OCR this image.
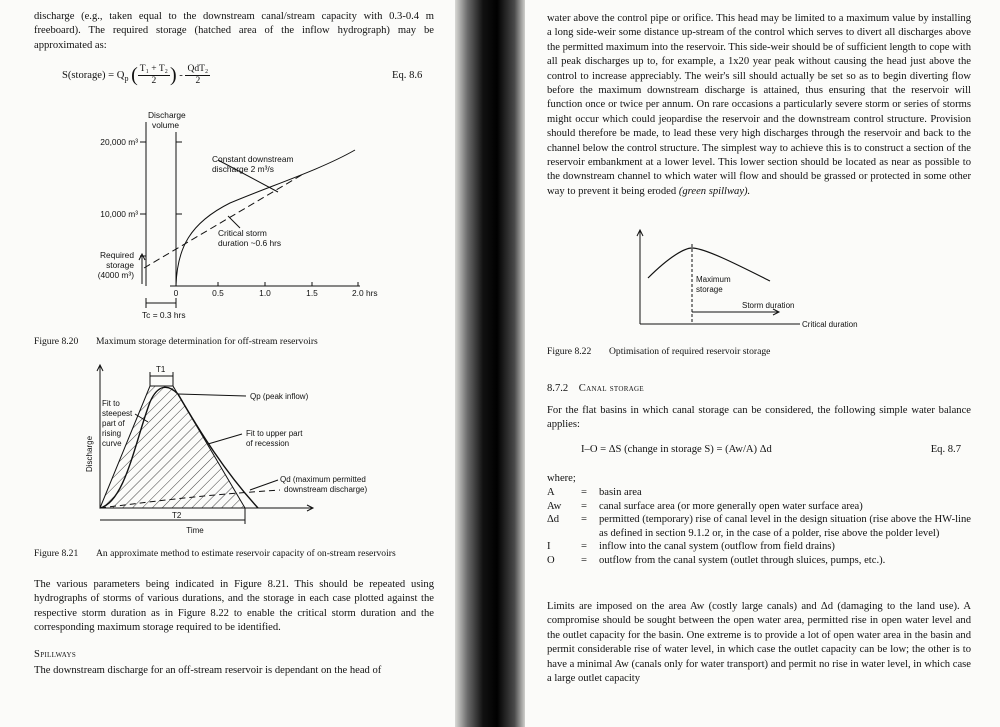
discharge (e.g., taken equal to the downstream canal/stream capacity with 0.3-0.4 m freeboard). The required storage (hatched area of the inflow hydrograph) may be approximated as:

S(storage) = $Q_p$ ( $\frac{\text{T₁ + T₂}}{2}$ ) - $\frac{\text{QdT₂}}{2}$	Eq. 8.6
Discharge
volume
20,000 m³
10,000 m³
Required
storage
(4000 m³)
Constant downstream
discharge 2 m³/s
Critical storm
duration ~0.6 hrs
0	0.5	1.0	1.5	2.0 hrs
Tc = 0.3 hrs
Figure 8.20 Maximum storage determination for off-stream reservoirs
Discharge
Time
T1
T2
Fit to
steepest
part of
rising
curve
Qp (peak inflow)
Fit to upper part
of recession
Qd (maximum permitted
downstream discharge)
Figure 8.21 An approximate method to estimate reservoir capacity of on-stream reservoirs

The various parameters being indicated in Figure 8.21. This should be repeated using hydrographs of storms of various durations, and the storage in each case plotted against the respective storm duration as in Figure 8.22 to enable the critical storm duration and the corresponding maximum storage required to be identified.

Spillways

The downstream discharge for an off-stream reservoir is dependant on the head of

water above the control pipe or orifice. This head may be limited to a maximum value by installing a long side-weir some distance up-stream of the control which serves to divert all discharges above the permitted maximum into the reservoir. This side-weir should be of sufficient length to cope with all peak discharges up to, for example, a 1x20 year peak without causing the head just above the control to increase appreciably. The weir's sill should actually be set so as to begin diverting flow before the maximum downstream discharge is attained, thus ensuring that the reservoir will function once or twice per annum. On rare occasions a particularly severe storm or series of storms might occur which could jeopardise the reservoir and the downstream control structure. Provision should therefore be made, to lead these very high discharges through the reservoir and back to the channel below the control structure. The simplest way to achieve this is to construct a section of the reservoir embankment at a lower level. This lower section should be located as near as possible to the downstream channel to which water will flow and should be grassed or protected in some other way to prevent it being eroded (green spillway).

Maximum
storage
Storm duration
Critical duration
Figure 8.22 Optimisation of required reservoir storage
8.7.2 Canal storage

For the flat basins in which canal storage can be considered, the following simple water balance applies:

I–O = ΔS (change in storage S) = (Aw/A) Δd	Eq. 8.7
where;
A = basin area
Aw = canal surface area (or more generally open water surface area)
Δd = permitted (temporary) rise of canal level in the design situation (rise above the HW-line as defined in section 9.1.2 or, in the case of a polder, rise above the polder level)
I	= inflow into the canal system (outflow from field drains)
O = outflow from the canal system (outlet through sluices, pumps, etc.).

Limits are imposed on the area Aw (costly large canals) and Δd (damaging to the land use). A compromise should be sought between the open water area, permitted rise in open water level and the outlet capacity for the basin. One extreme is to provide a lot of open water area in the basin and permit considerable rise of water level, in which case the outlet capacity can be low; the other is to have a minimal Aw (canals only for water transport) and permit no rise in water level, in which case a large outlet capacity
